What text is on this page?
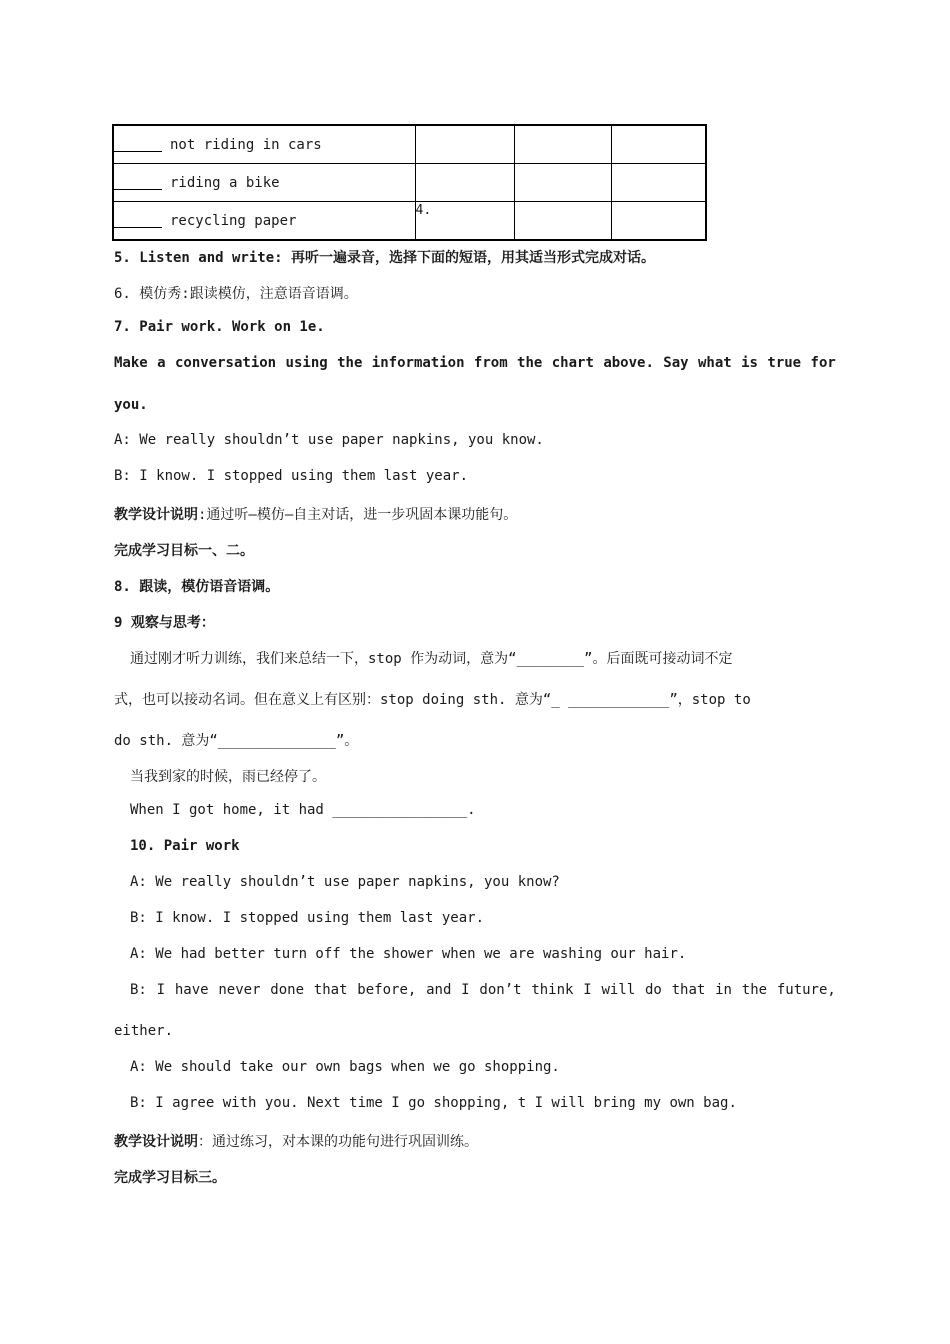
not riding in cars			
riding a bike			
recycling paper	4.		
5. Listen and write: 再听一遍录音，选择下面的短语，用其适当形式完成对话。
6. 模仿秀:跟读模仿，注意语音语调。
7. Pair work. Work on 1e.
Make a conversation using the information from the chart above. Say what is true for
you.
A: We really shouldn’t use paper napkins, you know.
B: I know. I stopped using them last year.
教学设计说明:通过听—模仿—自主对话，进一步巩固本课功能句。
完成学习目标一、二。
8. 跟读，模仿语音语调。
9 观察与思考：
通过刚才听力训练，我们来总结一下，stop 作为动词，意为“________”。后面既可接动词不定
式，也可以接动名词。但在意义上有区别：stop doing sth. 意为“_ ____________”，stop to
do sth. 意为“______________”。
当我到家的时候，雨已经停了。
When I got home, it had ________________.
10. Pair work
A: We really shouldn’t use paper napkins, you know?
B: I know. I stopped using them last year.
A: We had better turn off the shower when we are washing our hair.
B: I have never done that before, and I don’t think I will do that in the future,
either.
A: We should take our own bags when we go shopping.
B: I agree with you. Next time I go shopping, t I will bring my own bag.
教学设计说明：通过练习，对本课的功能句进行巩固训练。
完成学习目标三。
